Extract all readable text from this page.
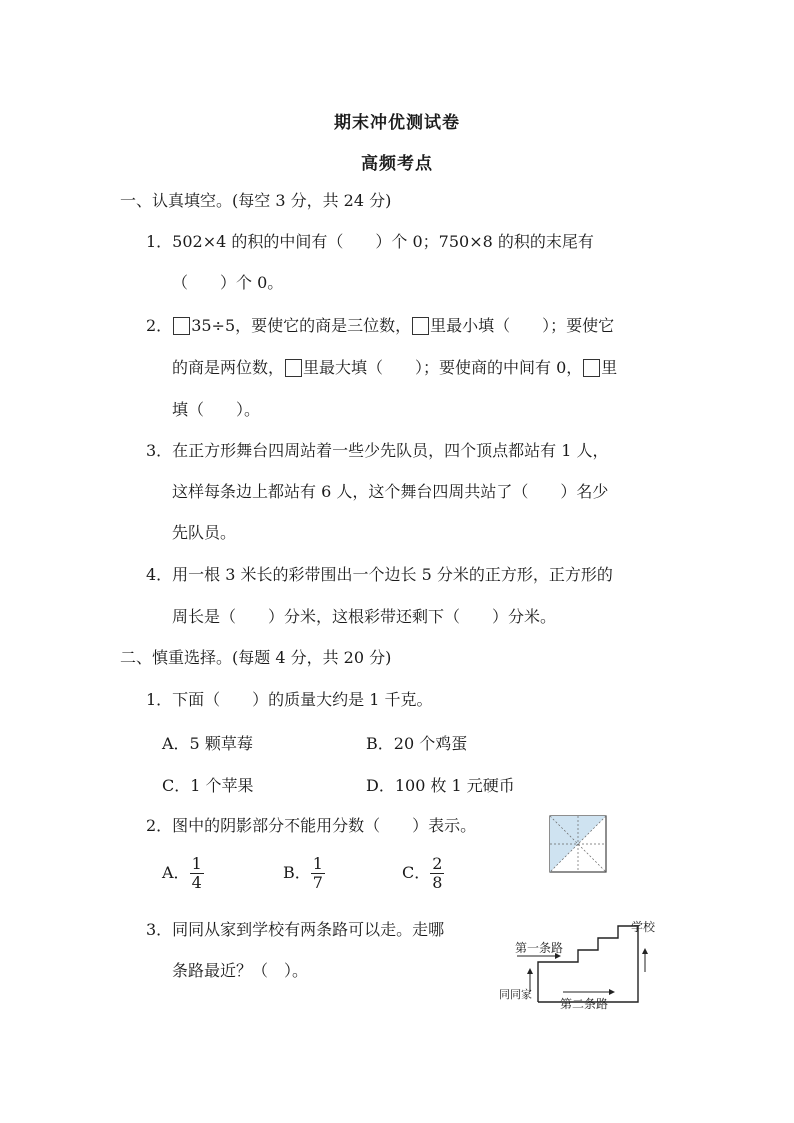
期末冲优测试卷
高频考点
一、认真填空。(每空 3 分，共 24 分)
1．502×4 的积的中间有（　　）个 0；750×8 的积的末尾有
（　　）个 0。
2． 35÷5，要使它的商是三位数， 里最小填（　　）；要使它
的商是两位数， 里最大填（　　）；要使商的中间有 0， 里
填（　　）。
3．在正方形舞台四周站着一些少先队员，四个顶点都站有 1 人，
这样每条边上都站有 6 人，这个舞台四周共站了（　　）名少
先队员。
4．用一根 3 米长的彩带围出一个边长 5 分米的正方形，正方形的
周长是（　　）分米，这根彩带还剩下（　　）分米。
二、慎重选择。(每题 4 分，共 20 分)
1．下面（　　）的质量大约是 1 千克。
A．5 颗草莓	B．20 个鸡蛋
C．1 个苹果	D．100 枚 1 元硬币
2．图中的阴影部分不能用分数（　　）表示。
A． $\frac{1}{4}$	B． $\frac{1}{7}$	C． $\frac{2}{8}$
3．同同从家到学校有两条路可以走。走哪
条路最近？（　）。
第一条路
学校
同同家
第二条路
